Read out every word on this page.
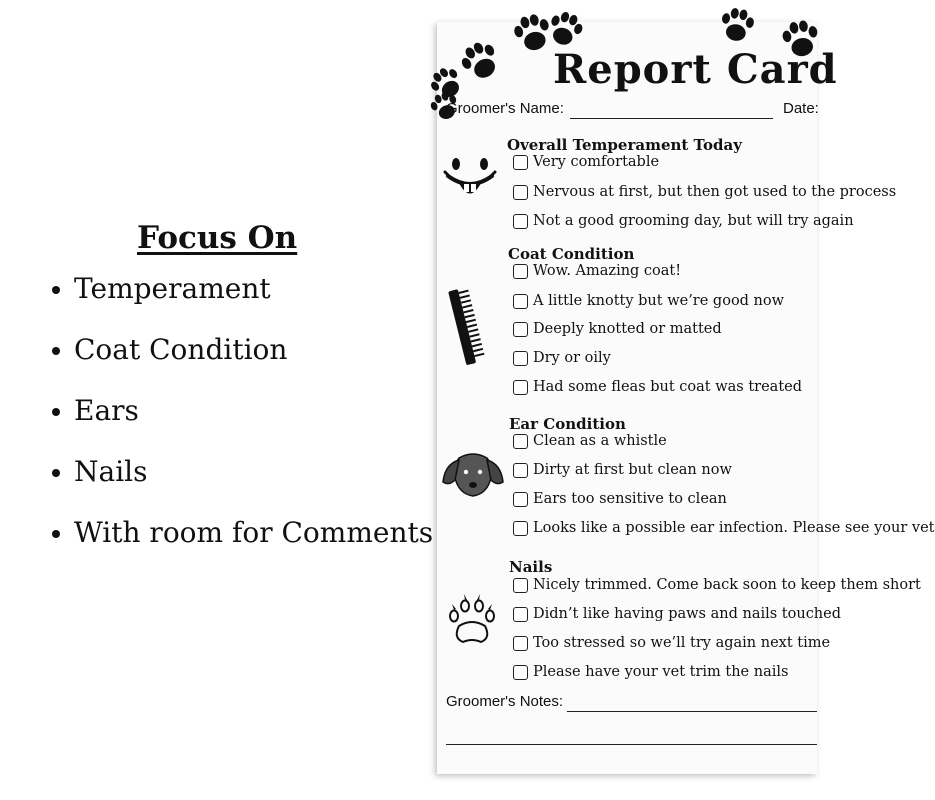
Focus On
Temperament
Coat Condition
Ears
Nails
With room for Comments
Report Card
Groomer's Name:	Date:
Overall Temperament Today
Very comfortable
Nervous at first, but then got used to the process
Not a good grooming day, but will try again
Coat Condition
Wow. Amazing coat!
A little knotty but we’re good now
Deeply knotted or matted
Dry or oily
Had some fleas but coat was treated
Ear Condition
Clean as a whistle
Dirty at first but clean now
Ears too sensitive to clean
Looks like a possible ear infection. Please see your vet
Nails
Nicely trimmed. Come back soon to keep them short
Didn’t like having paws and nails touched
Too stressed so we’ll try again next time
Please have your vet trim the nails
Groomer's Notes:
